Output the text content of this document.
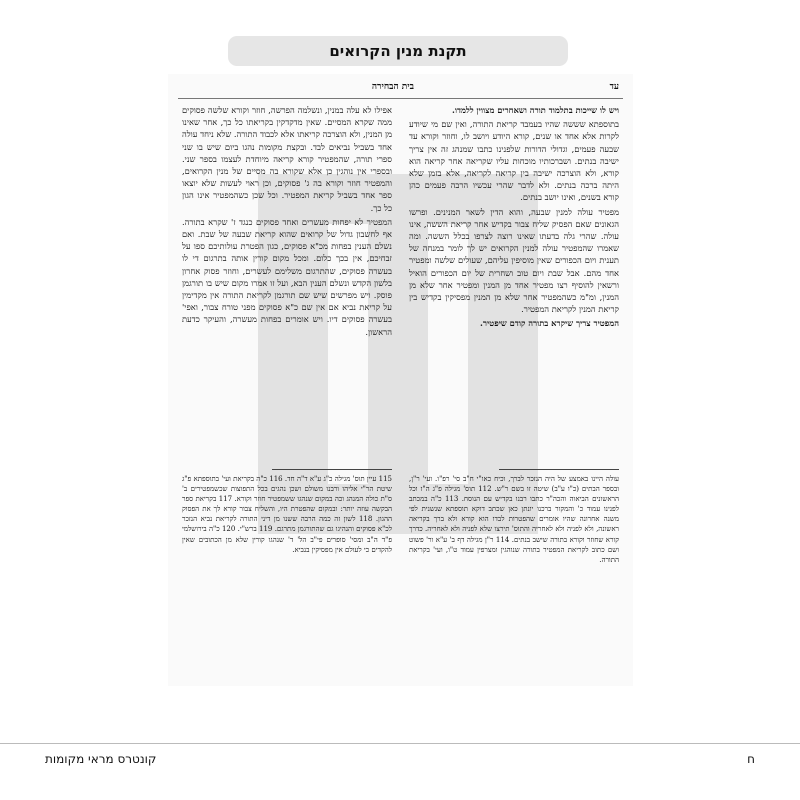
תקנת מנין הקרואים
עד
בית הבחירה

ויש לו שייכות בתלמוד תורה ושאחרים מצווין ללמדו.

בתוספתא שששה שהיו בעמבד קריאת התורה, ואין שם מי שיודע לקרות אלא אחד או שנים, קורא היודע ויושב לו, וחוזר וקורא עד שבעה פעמים, וגדולי הדורות שלפנינו כתבו שמנהג זה אין צריך ישיבה בנתים. ושברכותיו מוכחות עליו שקריאה אחר קריאה הוא קורא, ולא הוצרכה ישיבה בין קריאה לקריאה, אלא בזמן שלא היתה ברכה בנתים. ולא לדבר שהרי עכשיו הרבה פעמים כהן קורא בשנים, ואינו יושב בנתים.

מפטיר עולה למנין שבעה, והוא הדין לשאר המנינים. ופרשו הגאונים שאם הפסיק שליח צבור בקדיש אחר קריאת הששה, אינו עולה. שהרי גלה בדעתו שאינו רוצה לצרפו בכלל הששה. ומה שאמרו שהמפטיר עולה למנין הקרואים יש לך לומר במנחה של תענית ויום הכפורים שאין מוסיפין עליהם, שעולים שלשה ומפטיר אחד מהם. אבל שבת ויום טוב ושחרית של יום הכפורים הואיל ורשאין להוסיף רצו מפטיר אחד מן המנין ומפטיר אחר שלא מן המנין, ומ"מ כשהמפטיר אחר שלא מן המנין מפסיקין בקדיש בין קריאת המנין לקריאת המפטיר.

המפטיר צריך שיקרא בתורה קודם שיפטיר.

אפילו לא עלה במנין, ונשלמה הפרשה, חוזר וקורא שלשה פסוקים ממה שקרא המסיים. שאין מדקדקין בקריאתו כל כך, אחר שאינו מן המנין, ולא הוצרכה קריאתו אלא לכבוד התורה. שלא ניחד עולה אחד בשביל נביאים לבד. ובקצת מקומות נהגו ביום שיש בו שני ספרי תורה, שהמפטיר קורא קריאה מיוחדת לעצמו בספר שני. ובספרי אין נוהגין כן אלא שקורא בה מסיים של מנין הקרואים, והמפטיר חוזר וקורא בה ג' פסוקים, וכן ראוי לעשות שלא יוצאו ספר אחד בשביל קריאת המפטיר. וכל שכן כשהמפטיר אינו הגון כל כך.

המפטיר לא יפחות מעשרים ואחד פסוקים כנגד ז' שקרא בתורה. אף לחשבון גדול של קרואים שהוא קריאת שבעה של שבת. ואם נשלם הענין בפחות מכ"א פסוקים, כגון הפטרת עולותיכם ספו על זבחיכם, אין בכך כלום. ומכל מקום קורין אותה בתרגום די לו בעשרה פסוקים, שהתרגום משלימם לעשרים, וחוזר פסוק אחרון בלשון הקדש ונשלם הענין הבא, ועל זו אמרו מקום שיש בו תורגמן פוסק. ויש מפרשים שיש שם תורגמן לקריאת התורה אין מקדימין על קריאת נביא אם אין שם כ"א פסוקים מפני טורח צבור, ואפי' בעשרה פסוקים דיו. ויש אומרים בפחות מעשרה, והעיקר כדעת הראשון.

עולה היינו באמצע של היה הנזכר לברך, וכיח כאו"י ח"ב סי' רפ"ו. ועי' ר"ן, ובספר הבתים (כ"ו ע"ב) שיטה זו בשם ר"ש. 112 תוס' מגילה פ"ג ה"ז וכל הראשונים הביאוה והכה"ר כתבו רבנו בקדיש עם הנוסח. 113 כ"ה במכתב לפנינו עמוד כ' והמקור ברכנו יונתן כאן שכתב דוקא תוספתא שנשנית לפי משנה אחרונה שהיו אומרים שהפטרות לבדו הוא קורא ולא ברך בקריאה ראשונה, ולא לפניה ולא לאחריה והתוס' תירצו שלא לפניה ולא לאחריה. כדרך קורא שחוזר וקורא בתורה שישב בנתים. 114 ר"ן מגילה דף ב' ע"א ור' פשוט ושם כתוב לקריאת המפטיר בתורה שנוהגין ומצרפין עמוד ט"ו, ועי' בקריאת התורה.
115 עיין תוס' מגילה כ"ג ע"א ד"ה חד. 116 כ"ה בקריאת ועי' בתוספתא פ"ג שיטת הר"י אליהו ורבנו משולם ושכן נהגים בכל התפוצות שכשמפטירים ב' ס"ת כולה המנהג וכה במקום שנהגו ששמפטיר חוזר וקורא. 117 בקריאת ספר הבקשה עוזה יותר: ובמקום שהפטרת היו, והשליח צבור קורא לך את הפסוק ההגון. 118 לשון זה כמה הרבה ששנו מן דיני התורה לקריאת נביא הנזכר לכ"א פסוקים והנהיגו גם שהתורגמן מתרגם. 119 ברש"י. 120 כ"ה בירושלמי פ"ד ה"ב ומסי' סופרים פי"ב הל' ד' שנהגו קורין שלא מן הכתובים שאין להקדים כי לעולם אין מפסיקין בנביא.
קונטרס מראי מקומות	ח
